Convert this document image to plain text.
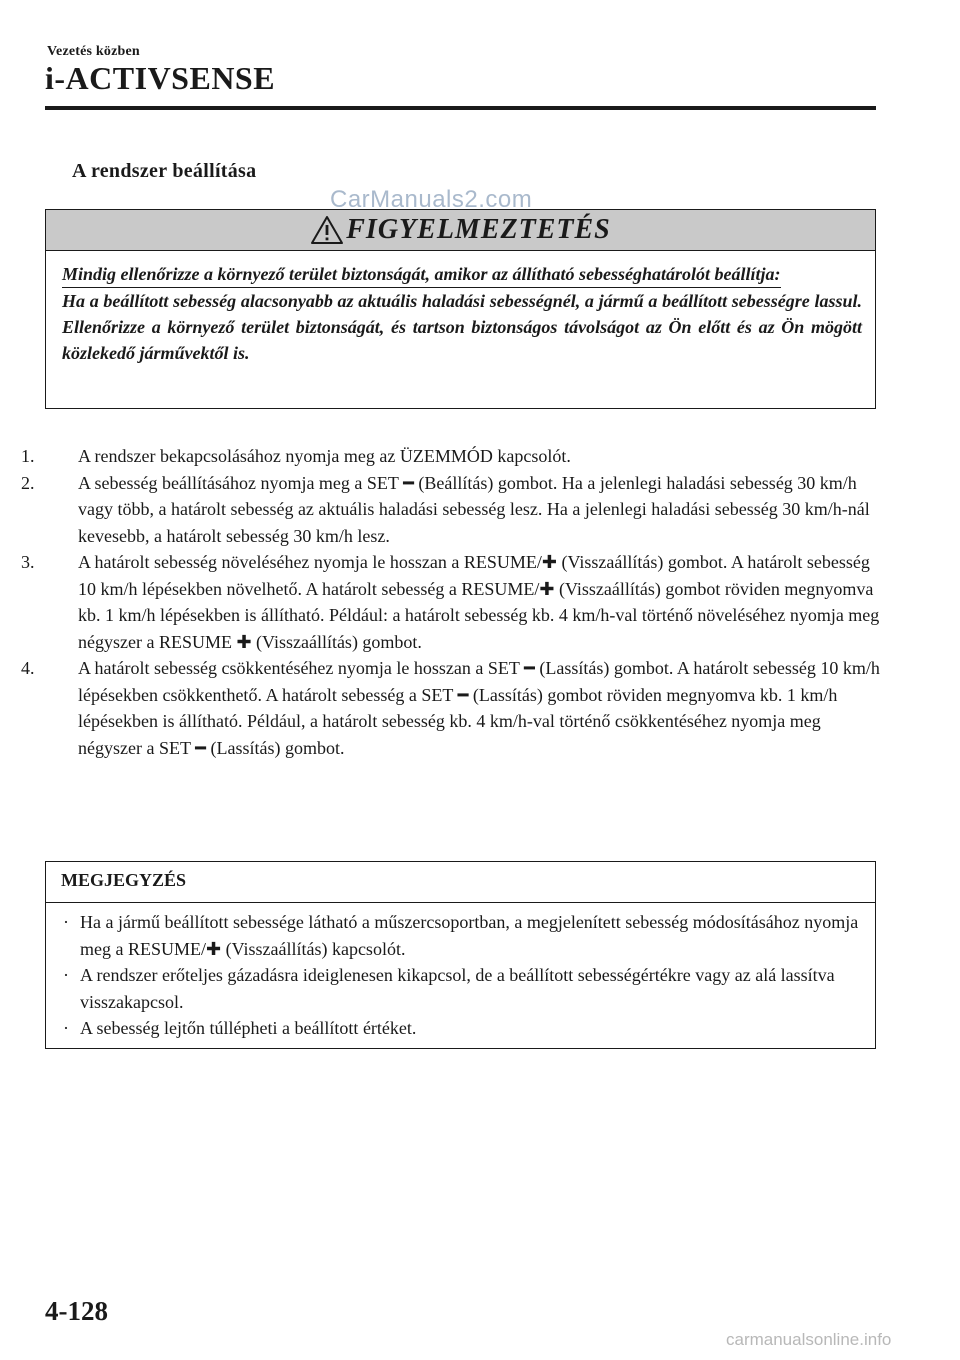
Vezetés közben
i-ACTIVSENSE
A rendszer beállítása
CarManuals2.com
FIGYELMEZTETÉS
Mindig ellenőrizze a környező terület biztonságát, amikor az állítható sebességhatárolót beállítja:
Ha a beállított sebesség alacsonyabb az aktuális haladási sebességnél, a jármű a beállított sebességre lassul. Ellenőrizze a környező terület biztonságát, és tartson biztonságos távolságot az Ön előtt és az Ön mögött közlekedő járművektől is.
1. A rendszer bekapcsolásához nyomja meg az ÜZEMMÓD kapcsolót.
2. A sebesség beállításához nyomja meg a SET ━ (Beállítás) gombot. Ha a jelenlegi haladási sebesség 30 km/h vagy több, a határolt sebesség az aktuális haladási sebesség lesz. Ha a jelenlegi haladási sebesség 30 km/h-nál kevesebb, a határolt sebesség 30 km/h lesz.
3. A határolt sebesség növeléséhez nyomja le hosszan a RESUME/✚ (Visszaállítás) gombot. A határolt sebesség 10 km/h lépésekben növelhető. A határolt sebesség a RESUME/✚ (Visszaállítás) gombot röviden megnyomva kb. 1 km/h lépésekben is állítható. Például: a határolt sebesség kb. 4 km/h-val történő növeléséhez nyomja meg négyszer a RESUME ✚ (Visszaállítás) gombot.
4. A határolt sebesség csökkentéséhez nyomja le hosszan a SET ━ (Lassítás) gombot. A határolt sebesség 10 km/h lépésekben csökkenthető. A határolt sebesség a SET ━ (Lassítás) gombot röviden megnyomva kb. 1 km/h lépésekben is állítható. Például, a határolt sebesség kb. 4 km/h-val történő csökkentéséhez nyomja meg négyszer a SET ━ (Lassítás) gombot.
MEGJEGYZÉS
· Ha a jármű beállított sebessége látható a műszercsoportban, a megjelenített sebesség módosításához nyomja meg a RESUME/✚ (Visszaállítás) kapcsolót.
· A rendszer erőteljes gázadásra ideiglenesen kikapcsol, de a beállított sebességértékre vagy az alá lassítva visszakapcsol.
· A sebesség lejtőn túllépheti a beállított értéket.
4-128
carmanualsonline.info
